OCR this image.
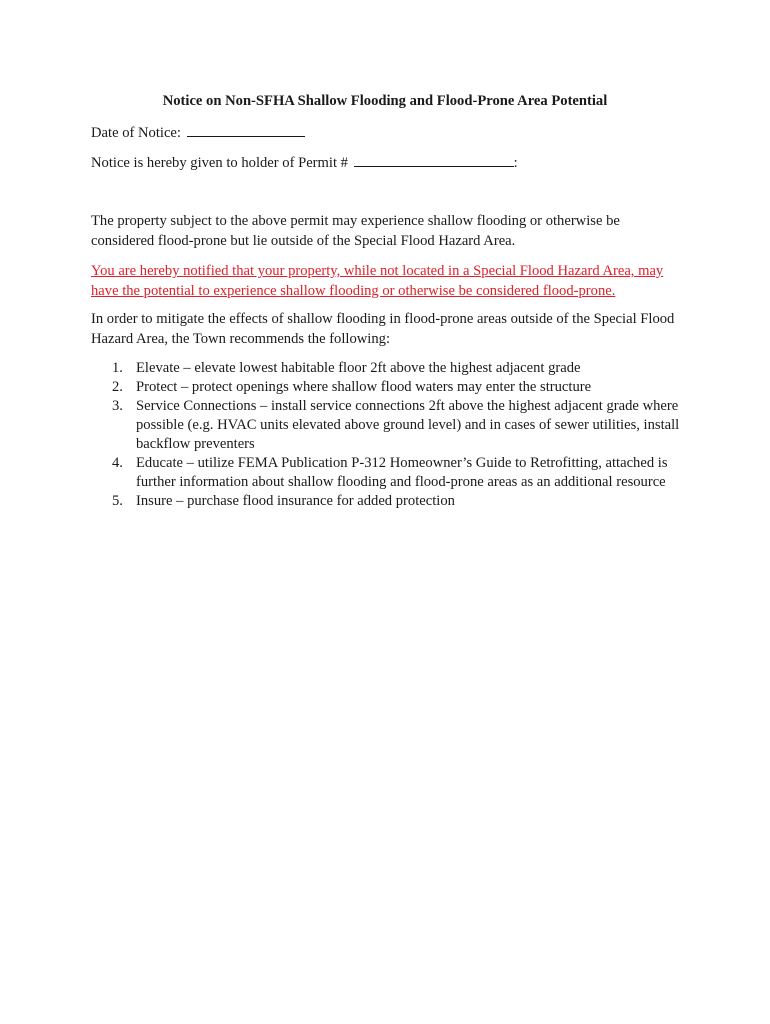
Notice on Non-SFHA Shallow Flooding and Flood-Prone Area Potential

Date of Notice:

Notice is hereby given to holder of Permit #	:

The property subject to the above permit may experience shallow flooding or otherwise be considered flood-prone but lie outside of the Special Flood Hazard Area.

You are hereby notified that your property, while not located in a Special Flood Hazard Area, may have the potential to experience shallow flooding or otherwise be considered flood-prone.

In order to mitigate the effects of shallow flooding in flood-prone areas outside of the Special Flood Hazard Area, the Town recommends the following:

1. Elevate – elevate lowest habitable floor 2ft above the highest adjacent grade
2. Protect – protect openings where shallow flood waters may enter the structure
3. Service Connections – install service connections 2ft above the highest adjacent grade where possible (e.g. HVAC units elevated above ground level) and in cases of sewer utilities, install backflow preventers
4. Educate – utilize FEMA Publication P-312 Homeowner’s Guide to Retrofitting, attached is further information about shallow flooding and flood-prone areas as an additional resource
5. Insure – purchase flood insurance for added protection
